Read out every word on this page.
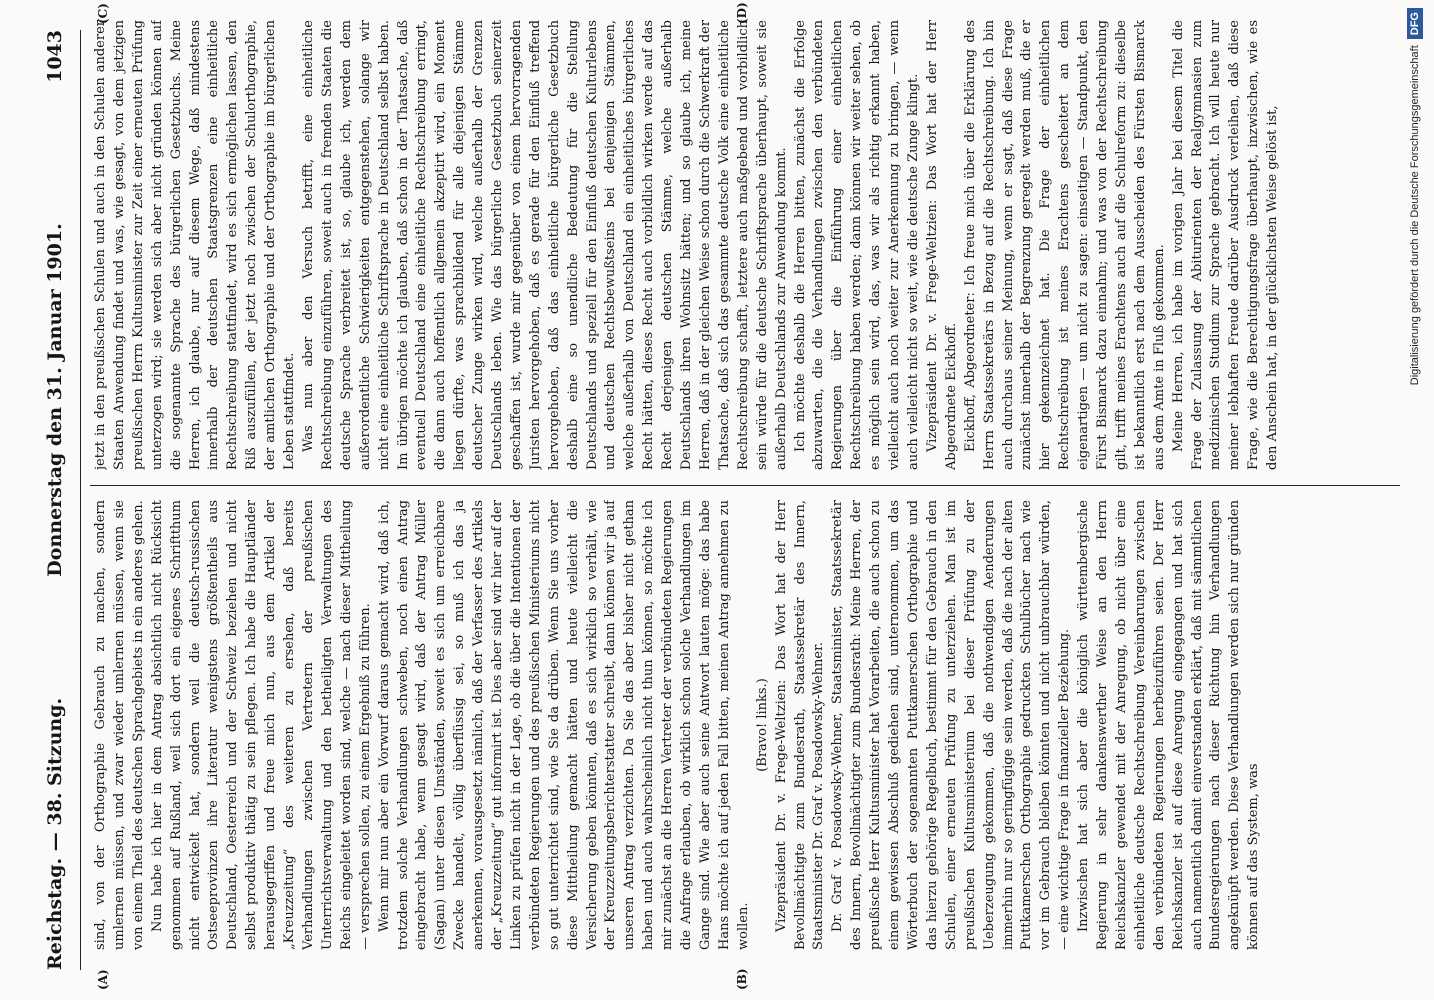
Reichstag. — 38. Sitzung.
Donnerstag den 31. Januar 1901.
1043
(A)	(B)
(C)	(D)

sind, von der Orthographie Gebrauch zu machen, sondern umlernen müssen, und zwar wieder umlernen müssen, wenn sie von einem Theil des deutschen Sprachgebiets in ein anderes gehen. Nun habe ich hier in dem Antrag absichtlich nicht Rücksicht genommen auf Rußland, weil sich dort ein eigenes Schriftthum nicht entwickelt hat, sondern weil die deutsch-russischen Ostseeprovinzen ihre Literatur wenigstens größtentheils aus Deutschland, Oesterreich und der Schweiz beziehen und nicht selbst produktiv thätig zu sein pflegen. Ich habe die Hauptländer herausgegriffen und freue mich nun, aus dem Artikel der „Kreuzzeitung“ des weiteren zu ersehen, daß bereits Verhandlungen zwischen Vertretern der preußischen Unterrichtsverwaltung und den betheiligten Verwaltungen des Reichs eingeleitet worden sind, welche — nach dieser Mittheilung — versprechen sollen, zu einem Ergebniß zu führen. Wenn mir nun aber ein Vorwurf daraus gemacht wird, daß ich, trotzdem solche Verhandlungen schweben, noch einen Antrag eingebracht habe, wenn gesagt wird, daß der Antrag Müller (Sagan) unter diesen Umständen, soweit es sich um erreichbare Zwecke handelt, völlig überflüssig sei, so muß ich das ja anerkennen, vorausgesetzt nämlich, daß der Verfasser des Artikels der „Kreuzzeitung“ gut informirt ist. Dies aber sind wir hier auf der Linken zu prüfen nicht in der Lage, ob die über die Intentionen der verbündeten Regierungen und des preußischen Ministeriums nicht so gut unterrichtet sind, wie Sie da drüben. Wenn Sie uns vorher diese Mittheilung gemacht hätten und heute vielleicht die Versicherung geben könnten, daß es sich wirklich so verhält, wie der Kreuzzeitungsberichterstatter schreibt, dann können wir ja auf unseren Antrag verzichten. Da Sie das aber bisher nicht gethan haben und auch wahrscheinlich nicht thun können, so möchte ich mir zunächst an die Herren Vertreter der verbündeten Regierungen die Anfrage erlauben, ob wirklich schon solche Verhandlungen im Gange sind. Wie aber auch seine Antwort lauten möge: das habe Hans möchte ich auf jeden Fall bitten, meinen Antrag annehmen zu wollen.

(Bravo! links.) Vizepräsident Dr. v. Frege-Weltzien: Das Wort hat der Herr Bevollmächtigte zum Bundesrath, Staatssekretär des Innern, Staatsminister Dr. Graf v. Posadowsky-Wehner. Dr. Graf v. Posadowsky-Wehner, Staatsminister, Staatssekretär des Innern, Bevollmächtigter zum Bundesrath: Meine Herren, der preußische Herr Kultusminister hat Vorarbeiten, die auch schon zu einem gewissen Abschluß gediehen sind, unternommen, um das Wörterbuch der sogenannten Puttkamerschen Orthographie und das hierzu gehörige Regelbuch, bestimmt für den Gebrauch in den Schulen, einer erneuten Prüfung zu unterziehen. Man ist im preußischen Kultusministerium bei dieser Prüfung zu der Ueberzeugung gekommen, daß die nothwendigen Aenderungen immerhin nur so geringfügige sein werden, daß die nach der alten Puttkamerschen Orthographie gedruckten Schulbücher nach wie vor im Gebrauch bleiben könnten und nicht unbrauchbar würden, — eine wichtige Frage in finanzieller Beziehung. Inzwischen hat sich aber die königlich württembergische Regierung in sehr dankenswerther Weise an den Herrn Reichskanzler gewendet mit der Anregung, ob nicht über eine einheitliche deutsche Rechtschreibung Vereinbarungen zwischen den verbündeten Regierungen herbeizuführen seien. Der Herr Reichskanzler ist auf diese Anregung eingegangen und hat sich auch namentlich damit einverstanden erklärt, daß mit sämmtlichen Bundesregierungen nach dieser Richtung hin Verhandlungen angeknüpft werden. Diese Verhandlungen werden sich nur gründen können auf das System, was

jetzt in den preußischen Schulen und auch in den Schulen anderer Staaten Anwendung findet und was, wie gesagt, von dem jetzigen preußischen Herrn Kultusminister zur Zeit einer erneuten Prüfung unterzogen wird; sie werden sich aber nicht gründen können auf die sogenannte Sprache des bürgerlichen Gesetzbuchs. Meine Herren, ich glaube, nur auf diesem Wege, daß mindestens innerhalb der deutschen Staatsgrenzen eine einheitliche Rechtschreibung stattfindet, wird es sich ermöglichen lassen, den Riß auszufüllen, der jetzt noch zwischen der Schulorthographie, der amtlichen Orthographie und der Orthographie im bürgerlichen Leben stattfindet. Was nun aber den Versuch betrifft, eine einheitliche Rechtschreibung einzuführen, soweit auch in fremden Staaten die deutsche Sprache verbreitet ist, so, glaube ich, werden dem außerordentliche Schwierigkeiten entgegenstehen, solange wir nicht eine einheitliche Schriftsprache in Deutschland selbst haben. Im übrigen möchte ich glauben, daß schon in der Thatsache, daß eventuell Deutschland eine einheitliche Rechtschreibung erringt, die dann auch hoffentlich allgemein akzeptirt wird, ein Moment liegen dürfte, was sprachbildend für alle diejenigen Stämme deutscher Zunge wirken wird, welche außerhalb der Grenzen Deutschlands leben. Wie das bürgerliche Gesetzbuch seinerzeit geschaffen ist, wurde mir gegenüber von einem hervorragenden Juristen hervorgehoben, daß es gerade für den Einfluß treffend hervorgehoben, daß das einheitliche bürgerliche Gesetzbuch deshalb eine so unendliche Bedeutung für die Stellung Deutschlands und speziell für den Einfluß deutschen Kulturlebens und deutschen Rechtsbewußtseins bei denjenigen Stämmen, welche außerhalb von Deutschland ein einheitliches bürgerliches Recht hätten, dieses Recht auch vorbildlich wirken werde auf das Recht derjenigen deutschen Stämme, welche außerhalb Deutschlands ihren Wohnsitz hätten; und so glaube ich, meine Herren, daß in der gleichen Weise schon durch die Schwerkraft der Thatsache, daß sich das gesammte deutsche Volk eine einheitliche Rechtschreibung schafft, letztere auch maßgebend und vorbildlich sein würde für die deutsche Schriftsprache überhaupt, soweit sie außerhalb Deutschlands zur Anwendung kommt. Ich möchte deshalb die Herren bitten, zunächst die Erfolge abzuwarten, die die Verhandlungen zwischen den verbündeten Regierungen über die Einführung einer einheitlichen Rechtschreibung haben werden; dann können wir weiter sehen, ob es möglich sein wird, das, was wir als richtig erkannt haben, vielleicht auch noch weiter zur Anerkennung zu bringen, — wenn auch vielleicht nicht so weit, wie die deutsche Zunge klingt. Vizepräsident Dr. v. Frege-Weltzien: Das Wort hat der Herr Abgeordnete Eickhoff. Eickhoff, Abgeordneter: Ich freue mich über die Erklärung des Herrn Staatssekretärs in Bezug auf die Rechtschreibung. Ich bin auch durchaus seiner Meinung, wenn er sagt, daß diese Frage zunächst innerhalb der Begrenzung geregelt werden muß, die er hier gekennzeichnet hat. Die Frage der einheitlichen Rechtschreibung ist meines Erachtens gescheitert an dem eigenartigen — um nicht zu sagen: einseitigen — Standpunkt, den Fürst Bismarck dazu einnahm; und was von der Rechtschreibung gilt, trifft meines Erachtens auch auf die Schulreform zu: dieselbe ist bekanntlich erst nach dem Ausscheiden des Fürsten Bismarck aus dem Amte in Fluß gekommen. Meine Herren, ich habe im vorigen Jahr bei diesem Titel die Frage der Zulassung der Abiturienten der Realgymnasien zum medizinischen Studium zur Sprache gebracht. Ich will heute nur meiner lebhaften Freude darüber Ausdruck verleihen, daß diese Frage, wie die Berechtigungsfrage überhaupt, inzwischen, wie es den Anschein hat, in der glücklichsten Weise gelöst ist,	Digitalisierung gefördert durch die Deutsche ForschungsgemeinschaftDFG
